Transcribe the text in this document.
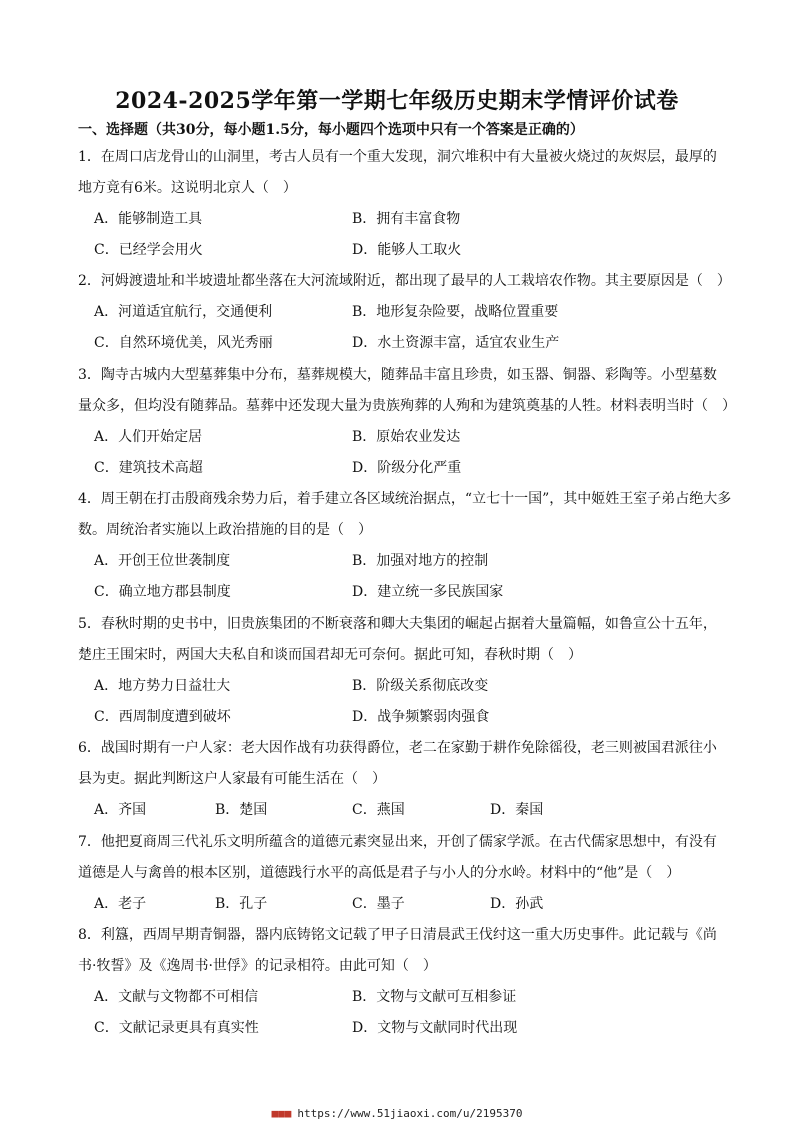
2024-2025学年第一学期七年级历史期末学情评价试卷
一、选择题（共30分，每小题1.5分，每小题四个选项中只有一个答案是正确的）
1．在周口店龙骨山的山洞里，考古人员有一个重大发现，洞穴堆积中有大量被火烧过的灰烬层，最厚的
地方竟有6米。这说明北京人（　）
A．能够制造工具	B．拥有丰富食物
C．已经学会用火	D．能够人工取火
2．河姆渡遗址和半坡遗址都坐落在大河流域附近，都出现了最早的人工栽培农作物。其主要原因是（　）
A．河道适宜航行，交通便利	B．地形复杂险要，战略位置重要
C．自然环境优美，风光秀丽	D．水土资源丰富，适宜农业生产
3．陶寺古城内大型墓葬集中分布，墓葬规模大，随葬品丰富且珍贵，如玉器、铜器、彩陶等。小型墓数
量众多，但均没有随葬品。墓葬中还发现大量为贵族殉葬的人殉和为建筑奠基的人牲。材料表明当时（　）
A．人们开始定居	B．原始农业发达
C．建筑技术高超	D．阶级分化严重
4．周王朝在打击殷商残余势力后，着手建立各区域统治据点，“立七十一国”，其中姬姓王室子弟占绝大多
数。周统治者实施以上政治措施的目的是（　）
A．开创王位世袭制度	B．加强对地方的控制
C．确立地方郡县制度	D．建立统一多民族国家
5．春秋时期的史书中，旧贵族集团的不断衰落和卿大夫集团的崛起占据着大量篇幅，如鲁宣公十五年，
楚庄王围宋时，两国大夫私自和谈而国君却无可奈何。据此可知，春秋时期（　）
A．地方势力日益壮大	B．阶级关系彻底改变
C．西周制度遭到破坏	D．战争频繁弱肉强食
6．战国时期有一户人家：老大因作战有功获得爵位，老二在家勤于耕作免除徭役，老三则被国君派往小
县为吏。据此判断这户人家最有可能生活在（　）
A．齐国	B．楚国	C．燕国	D．秦国
7．他把夏商周三代礼乐文明所蕴含的道德元素突显出来，开创了儒家学派。在古代儒家思想中，有没有
道德是人与禽兽的根本区别，道德践行水平的高低是君子与小人的分水岭。材料中的“他”是（　）
A．老子	B．孔子	C．墨子	D．孙武
8．利簋，西周早期青铜器，器内底铸铭文记载了甲子日清晨武王伐纣这一重大历史事件。此记载与《尚
书·牧誓》及《逸周书·世俘》的记录相符。由此可知（　）
A．文献与文物都不可相信	B．文物与文献可互相参证
C．文献记录更具有真实性	D．文物与文献同时代出现
■■■ https://www.51jiaoxi.com/u/2195370
